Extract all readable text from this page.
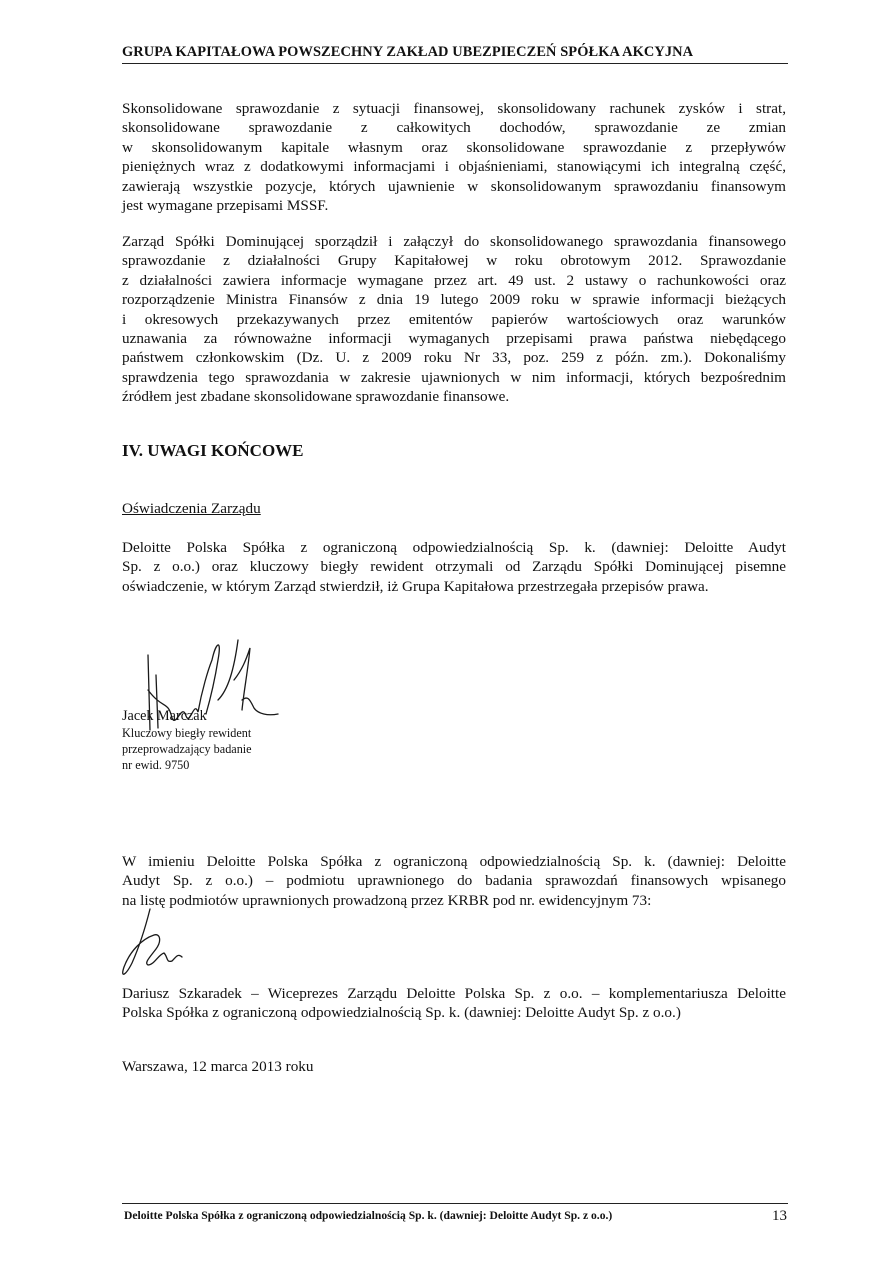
GRUPA KAPITAŁOWA POWSZECHNY ZAKŁAD UBEZPIECZEŃ SPÓŁKA AKCYJNA
Skonsolidowane sprawozdanie z sytuacji finansowej, skonsolidowany rachunek zysków i strat,
skonsolidowane sprawozdanie z całkowitych dochodów, sprawozdanie ze zmian
w skonsolidowanym kapitale własnym oraz skonsolidowane sprawozdanie z przepływów
pieniężnych wraz z dodatkowymi informacjami i objaśnieniami, stanowiącymi ich integralną część,
zawierają wszystkie pozycje, których ujawnienie w skonsolidowanym sprawozdaniu finansowym
jest wymagane przepisami MSSF.
Zarząd Spółki Dominującej sporządził i załączył do skonsolidowanego sprawozdania finansowego
sprawozdanie z działalności Grupy Kapitałowej w roku obrotowym 2012. Sprawozdanie
z działalności zawiera informacje wymagane przez art. 49 ust. 2 ustawy o rachunkowości oraz
rozporządzenie Ministra Finansów z dnia 19 lutego 2009 roku w sprawie informacji bieżących
i okresowych przekazywanych przez emitentów papierów wartościowych oraz warunków
uznawania za równoważne informacji wymaganych przepisami prawa państwa niebędącego
państwem członkowskim (Dz. U. z 2009 roku Nr 33, poz. 259 z późn. zm.). Dokonaliśmy
sprawdzenia tego sprawozdania w zakresie ujawnionych w nim informacji, których bezpośrednim
źródłem jest zbadane skonsolidowane sprawozdanie finansowe.
IV. UWAGI KOŃCOWE
Oświadczenia Zarządu
Deloitte Polska Spółka z ograniczoną odpowiedzialnością Sp. k. (dawniej: Deloitte Audyt
Sp. z o.o.) oraz kluczowy biegły rewident otrzymali od Zarządu Spółki Dominującej pisemne
oświadczenie, w którym Zarząd stwierdził, iż Grupa Kapitałowa przestrzegała przepisów prawa.
Jacek Marczak
Kluczowy biegły rewident
przeprowadzający badanie
nr ewid. 9750
W imieniu Deloitte Polska Spółka z ograniczoną odpowiedzialnością Sp. k. (dawniej: Deloitte
Audyt Sp. z o.o.) – podmiotu uprawnionego do badania sprawozdań finansowych wpisanego
na listę podmiotów uprawnionych prowadzoną przez KRBR pod nr. ewidencyjnym 73:
Dariusz Szkaradek – Wiceprezes Zarządu Deloitte Polska Sp. z o.o. – komplementariusza Deloitte
Polska Spółka z ograniczoną odpowiedzialnością Sp. k. (dawniej: Deloitte Audyt Sp. z o.o.)
Warszawa, 12 marca 2013 roku
Deloitte Polska Spółka z ograniczoną odpowiedzialnością Sp. k. (dawniej: Deloitte Audyt Sp. z o.o.)	13
